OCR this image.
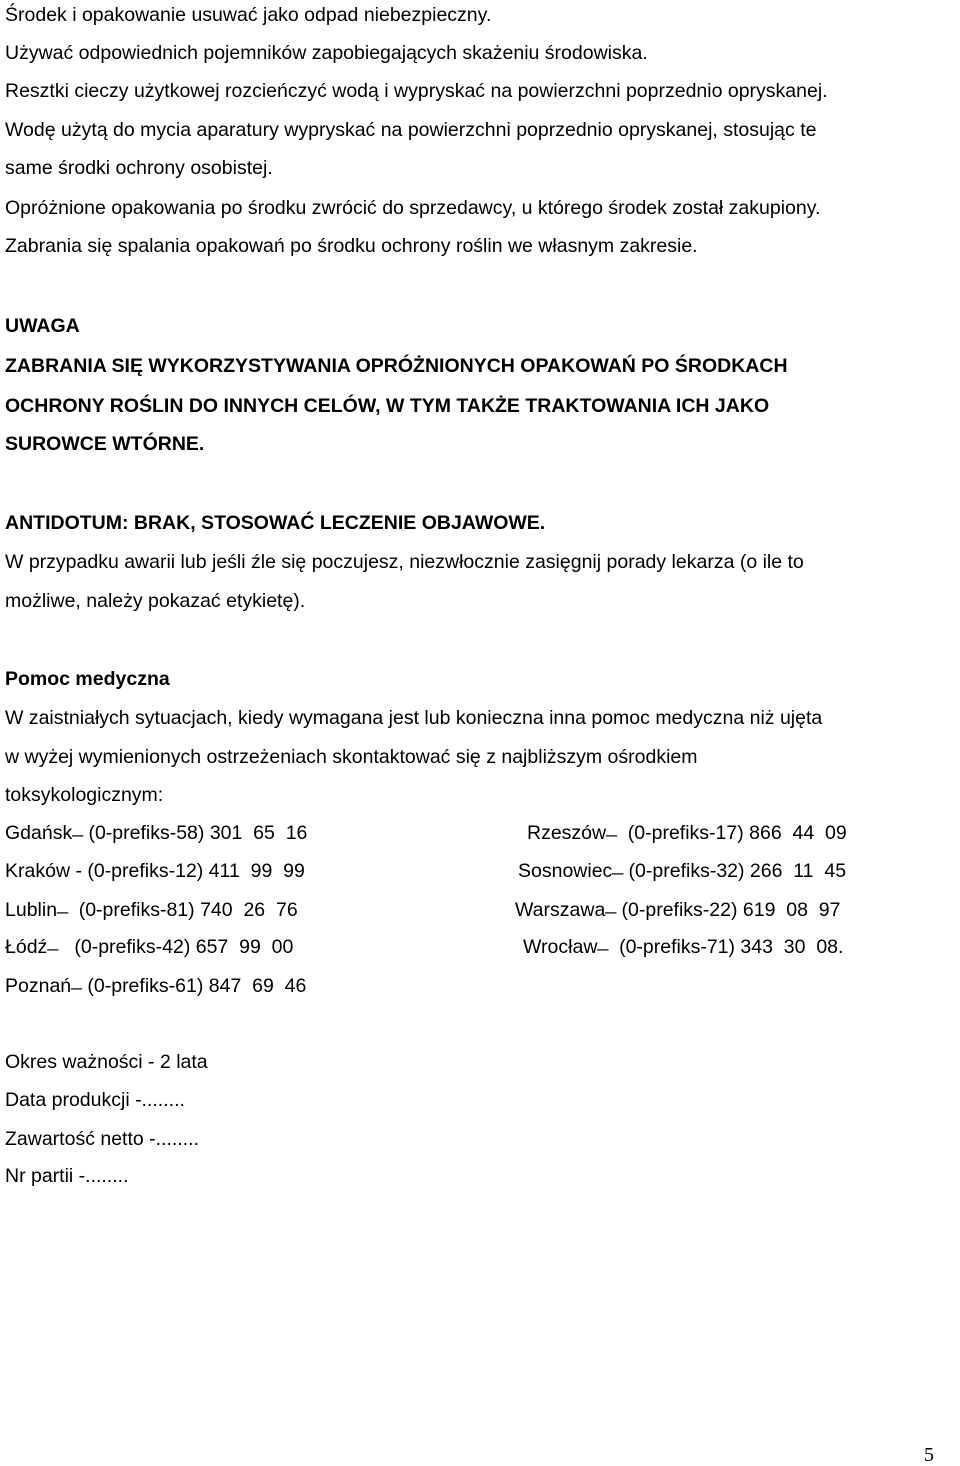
Środek i opakowanie usuwać jako odpad niebezpieczny.
Używać odpowiednich pojemników zapobiegających skażeniu środowiska.
Resztki cieczy użytkowej rozcieńczyć wodą i wypryskać na powierzchni poprzednio opryskanej.
Wodę użytą do mycia aparatury wypryskać na powierzchni poprzednio opryskanej, stosując te
same środki ochrony osobistej.
Opróżnione opakowania po środku zwrócić do sprzedawcy, u którego środek został zakupiony.
Zabrania się spalania opakowań po środku ochrony roślin we własnym zakresie.
UWAGA
ZABRANIA SIĘ WYKORZYSTYWANIA OPRÓŻNIONYCH OPAKOWAŃ PO ŚRODKACH
OCHRONY ROŚLIN DO INNYCH CELÓW, W TYM TAKŻE TRAKTOWANIA ICH JAKO
SUROWCE WTÓRNE.
ANTIDOTUM: BRAK, STOSOWAĆ LECZENIE OBJAWOWE.
W przypadku awarii lub jeśli źle się poczujesz, niezwłocznie zasięgnij porady lekarza (o ile to
możliwe, należy pokazać etykietę).
Pomoc medyczna
W zaistniałych sytuacjach, kiedy wymagana jest lub konieczna inna pomoc medyczna niż ujęta
w wyżej wymienionych ostrzeżeniach skontaktować się z najbliższym ośrodkiem
toksykologicznym:
Gdańsk ̶  (0-prefiks-58) 301  65  16
Kraków - (0-prefiks-12) 411  99  99
Lublin ̶   (0-prefiks-81) 740  26  76
Łódź ̶    (0-prefiks-42) 657  99  00
Poznań ̶  (0-prefiks-61) 847  69  46
Rzeszów ̶   (0-prefiks-17) 866  44  09
Sosnowiec ̶  (0-prefiks-32) 266  11  45
Warszawa ̶  (0-prefiks-22) 619  08  97
Wrocław ̶   (0-prefiks-71) 343  30  08.
Okres ważności - 2 lata
Data produkcji -........
Zawartość netto -........
Nr partii -........
5
